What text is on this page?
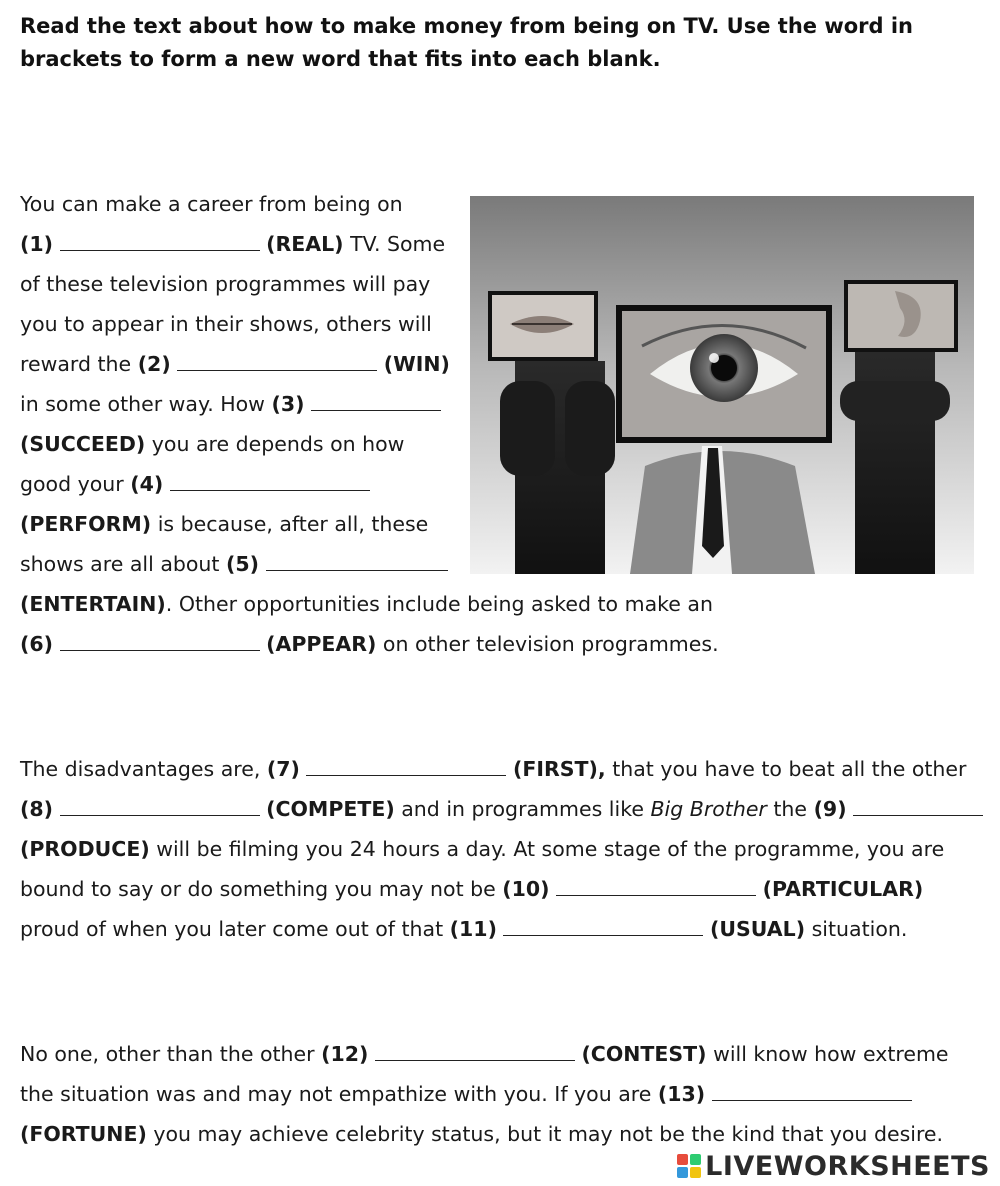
Read the text about how to make money from being on TV. Use the word in brackets to form a new word that fits into each blank.
You can make a career from being on
(1)	(REAL) TV. Some
of these television programmes will pay
you to appear in their shows, others will
reward the (2)	(WIN)
in some other way. How (3)
(SUCCEED) you are depends on how
good your (4)
(PERFORM) is because, after all, these
shows are all about (5)
(ENTERTAIN). Other opportunities include being asked to make an
(6)	(APPEAR) on other television programmes.
The disadvantages are, (7)	(FIRST), that you have to beat all the other
(8)	(COMPETE) and in programmes like Big Brother the (9)
(PRODUCE) will be filming you 24 hours a day. At some stage of the programme, you are
bound to say or do something you may not be (10)	(PARTICULAR)
proud of when you later come out of that (11)	(USUAL) situation.
No one, other than the other (12)	(CONTEST) will know how extreme
the situation was and may not empathize with you. If you are (13)
(FORTUNE) you may achieve celebrity status, but it may not be the kind that you desire.
LIVEWORKSHEETS
